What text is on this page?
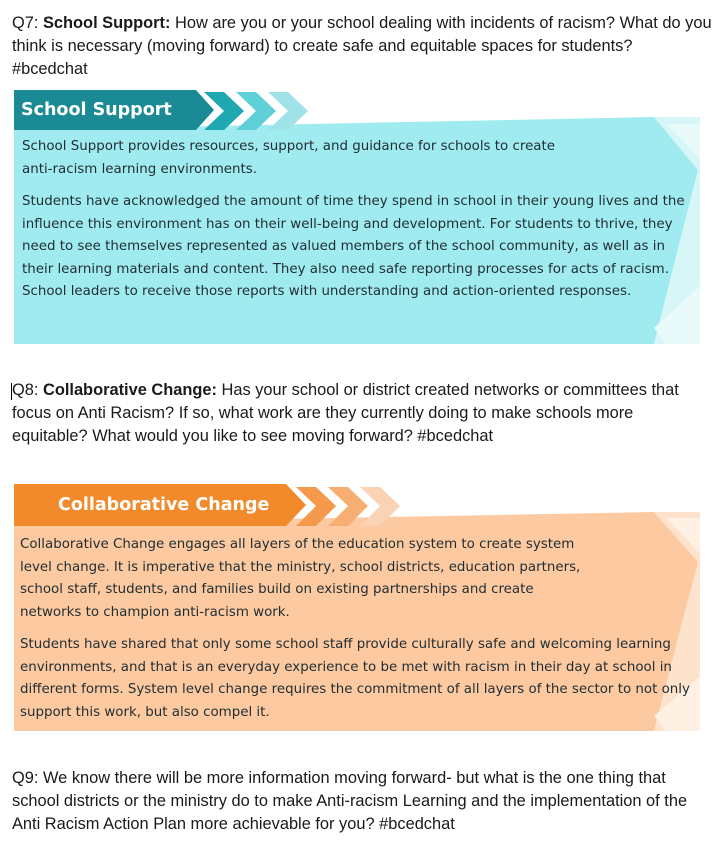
Q7: School Support: How are you or your school dealing with incidents of racism? What do you think is necessary (moving forward) to create safe and equitable spaces for students? #bcedchat
School Support

School Support provides resources, support, and guidance for schools to create anti-racism learning environments.

Students have acknowledged the amount of time they spend in school in their young lives and the influence this environment has on their well-being and development. For students to thrive, they need to see themselves represented as valued members of the school community, as well as in their learning materials and content. They also need safe reporting processes for acts of racism. School leaders to receive those reports with understanding and action-oriented responses.

Q8: Collaborative Change: Has your school or district created networks or committees that focus on Anti Racism? If so, what work are they currently doing to make schools more equitable? What would you like to see moving forward? #bcedchat
Collaborative Change

Collaborative Change engages all layers of the education system to create system level change. It is imperative that the ministry, school districts, education partners, school staff, students, and families build on existing partnerships and create networks to champion anti-racism work.

Students have shared that only some school staff provide culturally safe and welcoming learning environments, and that is an everyday experience to be met with racism in their day at school in different forms. System level change requires the commitment of all layers of the sector to not only support this work, but also compel it.

Q9: We know there will be more information moving forward- but what is the one thing that school districts or the ministry do to make Anti-racism Learning and the implementation of the Anti Racism Action Plan more achievable for you? #bcedchat
